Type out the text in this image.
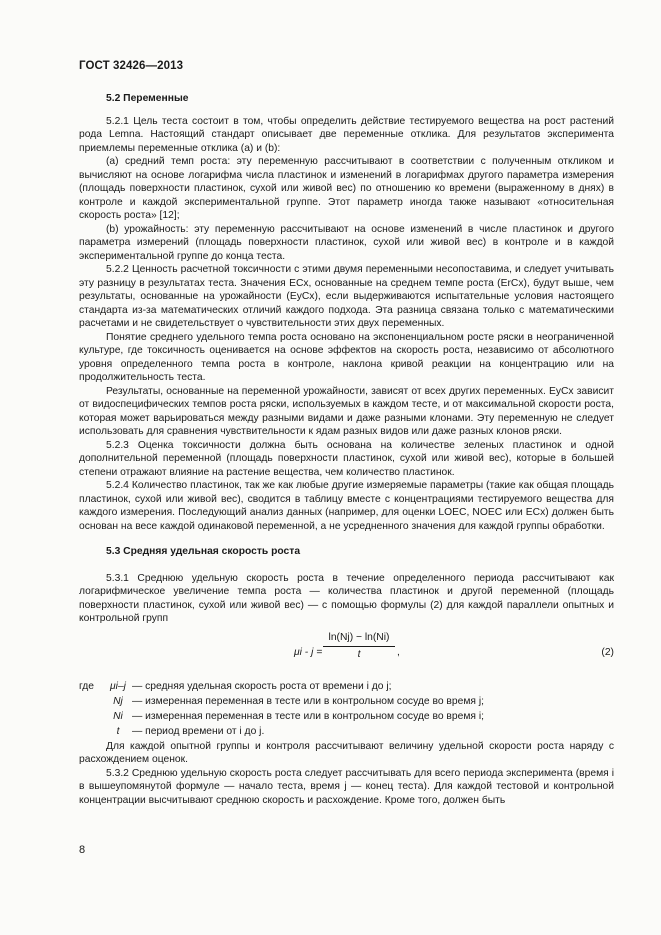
ГОСТ 32426—2013
5.2 Переменные

5.2.1 Цель теста состоит в том, чтобы определить действие тестируемого вещества на рост растений рода Lemna. Настоящий стандарт описывает две переменные отклика. Для результатов эксперимента приемлемы переменные отклика (а) и (b):

(а) средний темп роста: эту переменную рассчитывают в соответствии с полученным откликом и вычисляют на основе логарифма числа пластинок и изменений в логарифмах другого параметра измерения (площадь поверхности пластинок, сухой или живой вес) по отношению ко времени (выраженному в днях) в контроле и каждой экспериментальной группе. Этот параметр иногда также называют «относительная скорость роста» [12];

(b) урожайность: эту переменную рассчитывают на основе изменений в числе пластинок и другого параметра измерений (площадь поверхности пластинок, сухой или живой вес) в контроле и в каждой экспериментальной группе до конца теста.

5.2.2 Ценность расчетной токсичности с этими двумя переменными несопоставима, и следует учитывать эту разницу в результатах теста. Значения ECx, основанные на среднем темпе роста (ErCx), будут выше, чем результаты, основанные на урожайности (EyCx), если выдерживаются испытательные условия настоящего стандарта из-за математических отличий каждого подхода. Эта разница связана только с математическими расчетами и не свидетельствует о чувствительности этих двух переменных.

Понятие среднего удельного темпа роста основано на экспоненциальном росте ряски в неограниченной культуре, где токсичность оценивается на основе эффектов на скорость роста, независимо от абсолютного уровня определенного темпа роста в контроле, наклона кривой реакции на концентрацию или на продолжительность теста.

Результаты, основанные на переменной урожайности, зависят от всех других переменных. EyCx зависит от видоспецифических темпов роста ряски, используемых в каждом тесте, и от максимальной скорости роста, которая может варьироваться между разными видами и даже разными клонами. Эту переменную не следует использовать для сравнения чувствительности к ядам разных видов или даже разных клонов ряски.

5.2.3 Оценка токсичности должна быть основана на количестве зеленых пластинок и одной дополнительной переменной (площадь поверхности пластинок, сухой или живой вес), которые в большей степени отражают влияние на растение вещества, чем количество пластинок.

5.2.4 Количество пластинок, так же как любые другие измеряемые параметры (такие как общая площадь пластинок, сухой или живой вес), сводится в таблицу вместе с концентрациями тестируемого вещества для каждого измерения. Последующий анализ данных (например, для оценки LOEC, NOEC или ECx) должен быть основан на весе каждой одинаковой переменной, а не усредненного значения для каждой группы обработки.

5.3 Средняя удельная скорость роста

5.3.1 Среднюю удельную скорость роста в течение определенного периода рассчитывают как логарифмическое увеличение темпа роста — количества пластинок и другой переменной (площадь поверхности пластинок, сухой или живой вес) — с помощью формулы (2) для каждой параллели опытных и контрольной групп

$\mu i - j = \frac{\ln(Nj) - \ln(Ni)}{t}$ ,	(2)
где	μi–j — средняя удельная скорость роста от времени i до j;
Nj — измеренная переменная в тесте или в контрольном сосуде во время j;
Ni — измеренная переменная в тесте или в контрольном сосуде во время i;
t	— период времени от i до j.

Для каждой опытной группы и контроля рассчитывают величину удельной скорости роста наряду с расхождением оценок.

5.3.2 Среднюю удельную скорость роста следует рассчитывать для всего периода эксперимента (время i в вышеупомянутой формуле — начало теста, время j — конец теста). Для каждой тестовой и контрольной концентрации высчитывают среднюю скорость и расхождение. Кроме того, должен быть

8
